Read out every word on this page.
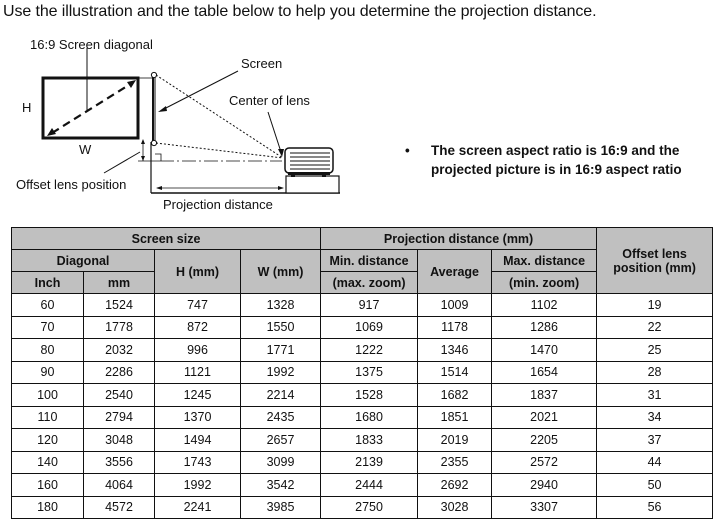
Use the illustration and the table below to help you determine the projection distance.
16:9 Screen diagonal
H
W
Screen
Center of lens
Offset lens position
Projection distance
• The screen aspect ratio is 16:9 and the projected picture is in 16:9 aspect ratio
Screen size				Projection distance (mm)			Offset lens position (mm)
Diagonal		H (mm)	W (mm)	Min. distance	Average	Max. distance	
Inch	mm			(max. zoom)		(min. zoom)	
60	1524	747	1328	917	1009	1102	19
70	1778	872	1550	1069	1178	1286	22
80	2032	996	1771	1222	1346	1470	25
90	2286	1121	1992	1375	1514	1654	28
100	2540	1245	2214	1528	1682	1837	31
110	2794	1370	2435	1680	1851	2021	34
120	3048	1494	2657	1833	2019	2205	37
140	3556	1743	3099	2139	2355	2572	44
160	4064	1992	3542	2444	2692	2940	50
180	4572	2241	3985	2750	3028	3307	56
